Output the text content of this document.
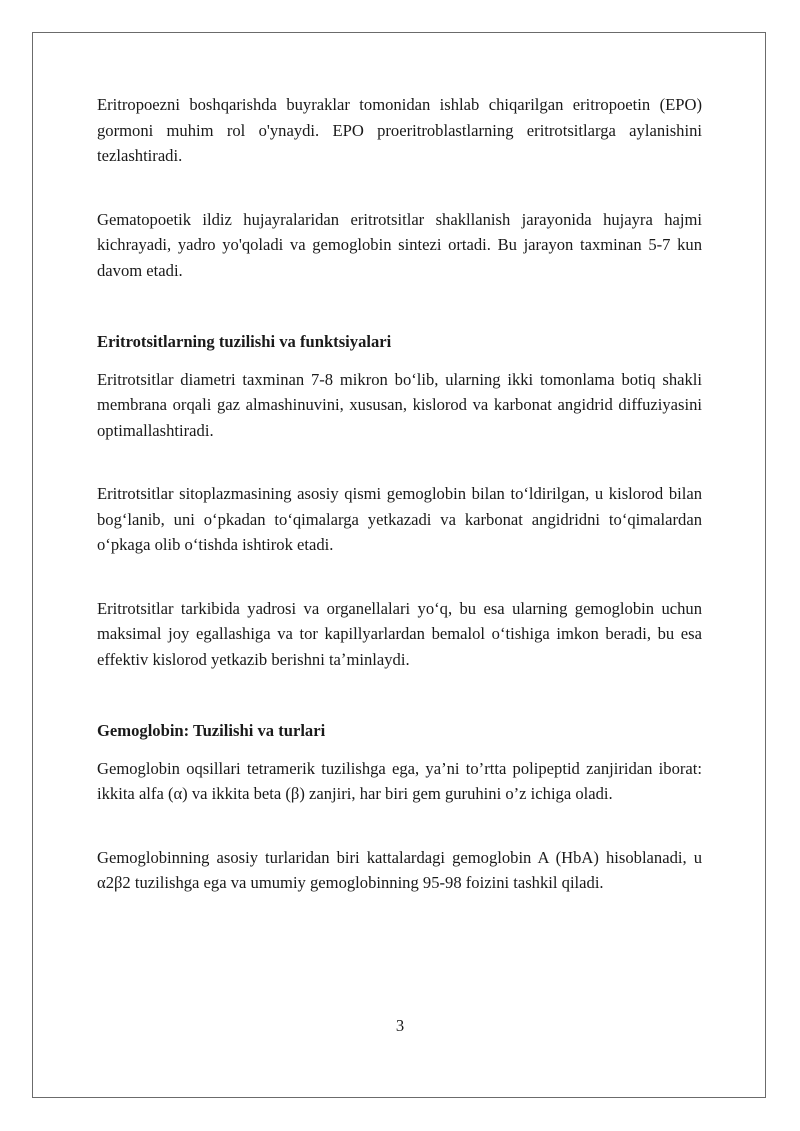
Eritropoezni boshqarishda buyraklar tomonidan ishlab chiqarilgan eritropoetin (EPO) gormoni muhim rol o'ynaydi. EPO proeritroblastlarning eritrotsitlarga aylanishini tezlashtiradi.

Gematopoetik ildiz hujayralaridan eritrotsitlar shakllanish jarayonida hujayra hajmi kichrayadi, yadro yo'qoladi va gemoglobin sintezi ortadi. Bu jarayon taxminan 5-7 kun davom etadi.

Eritrotsitlarning tuzilishi va funktsiyalari

Eritrotsitlar diametri taxminan 7-8 mikron boʻlib, ularning ikki tomonlama botiq shakli membrana orqali gaz almashinuvini, xususan, kislorod va karbonat angidrid diffuziyasini optimallashtiradi.

Eritrotsitlar sitoplazmasining asosiy qismi gemoglobin bilan toʻldirilgan, u kislorod bilan bogʻlanib, uni oʻpkadan toʻqimalarga yetkazadi va karbonat angidridni toʻqimalardan oʻpkaga olib oʻtishda ishtirok etadi.

Eritrotsitlar tarkibida yadrosi va organellalari yoʻq, bu esa ularning gemoglobin uchun maksimal joy egallashiga va tor kapillyarlardan bemalol oʻtishiga imkon beradi, bu esa effektiv kislorod yetkazib berishni taʼminlaydi.

Gemoglobin: Tuzilishi va turlari

Gemoglobin oqsillari tetramerik tuzilishga ega, ya’ni to’rtta polipeptid zanjiridan iborat: ikkita alfa (α) va ikkita beta (β) zanjiri, har biri gem guruhini o’z ichiga oladi.

Gemoglobinning asosiy turlaridan biri kattalardagi gemoglobin A (HbA) hisoblanadi, u α2β2 tuzilishga ega va umumiy gemoglobinning 95-98 foizini tashkil qiladi.

3
